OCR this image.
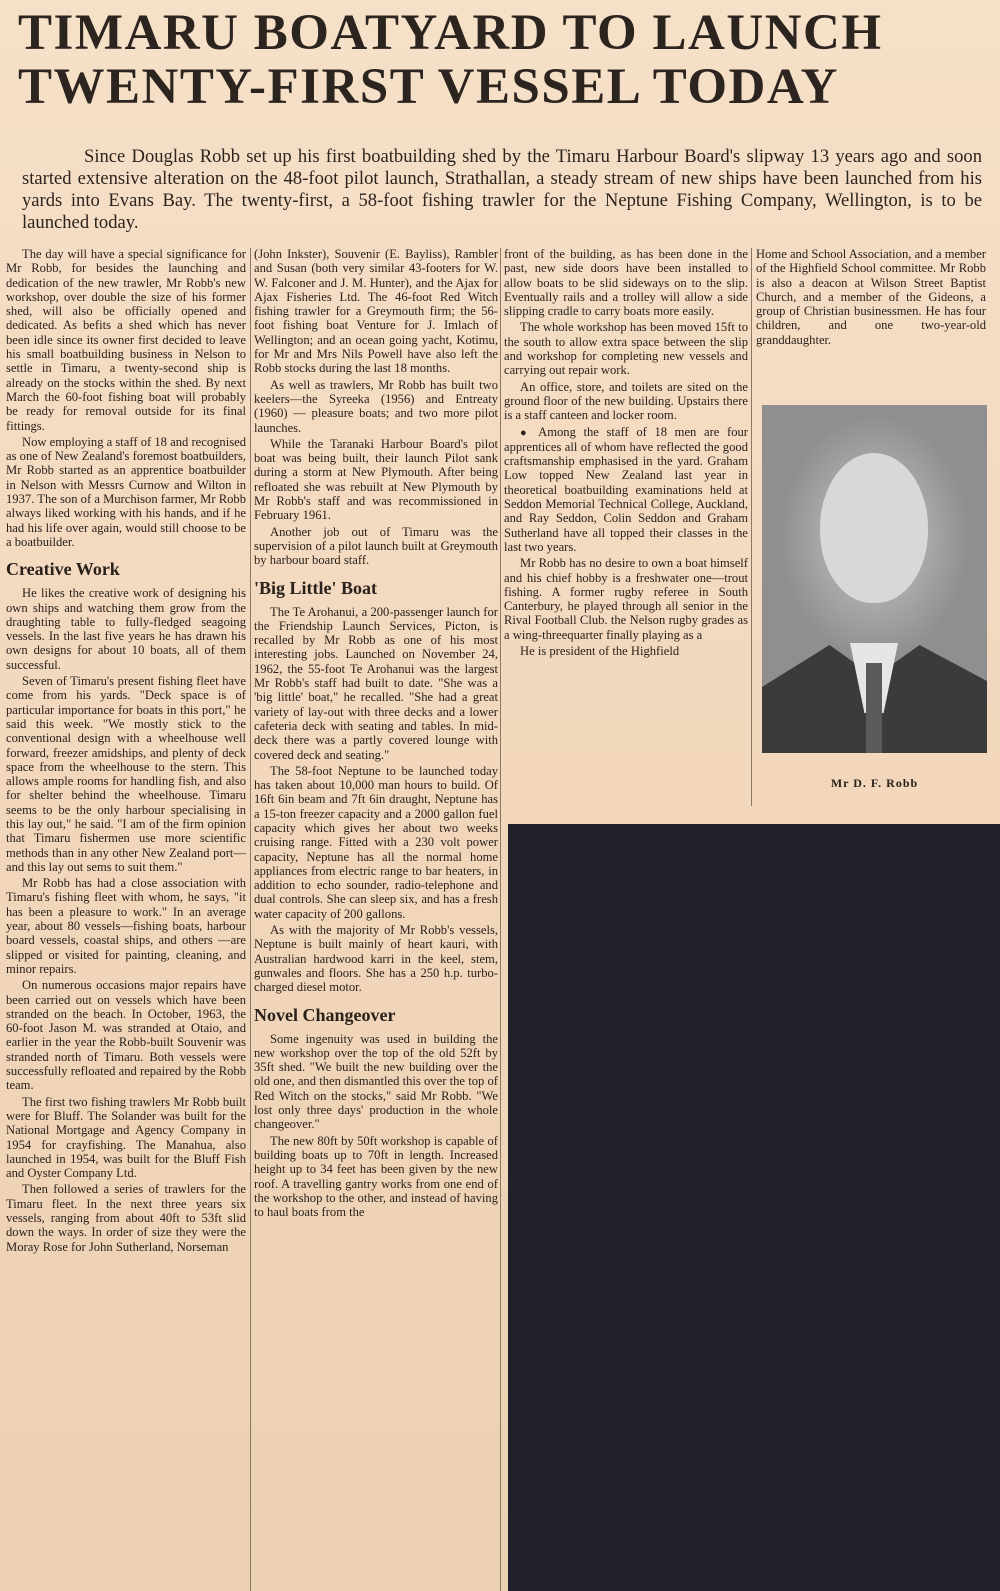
TIMARU BOATYARD TO LAUNCH
TWENTY-FIRST VESSEL TODAY

Since Douglas Robb set up his first boatbuilding shed by the Timaru Harbour Board's slipway 13 years ago and soon started extensive alteration on the 48-foot pilot launch, Strathallan, a steady stream of new ships have been launched from his yards into Evans Bay. The twenty-first, a 58-foot fishing trawler for the Neptune Fishing Company, Wellington, is to be launched today.

The day will have a special significance for Mr Robb, for besides the launching and dedication of the new trawler, Mr Robb's new workshop, over double the size of his former shed, will also be officially opened and dedicated. As befits a shed which has never been idle since its owner first decided to leave his small boatbuilding business in Nelson to settle in Timaru, a twenty-second ship is already on the stocks within the shed. By next March the 60-foot fishing boat will probably be ready for removal outside for its final fittings.

Now employing a staff of 18 and recognised as one of New Zealand's foremost boatbuilders, Mr Robb started as an apprentice boatbuilder in Nelson with Messrs Curnow and Wilton in 1937. The son of a Murchison farmer, Mr Robb always liked working with his hands, and if he had his life over again, would still choose to be a boatbuilder.

Creative Work

He likes the creative work of designing his own ships and watching them grow from the draughting table to fully-fledged seagoing vessels. In the last five years he has drawn his own designs for about 10 boats, all of them successful.

Seven of Timaru's present fishing fleet have come from his yards. "Deck space is of particular importance for boats in this port," he said this week. "We mostly stick to the conventional design with a wheelhouse well forward, freezer amidships, and plenty of deck space from the wheelhouse to the stern. This allows ample rooms for handling fish, and also for shelter behind the wheelhouse. Timaru seems to be the only harbour specialising in this lay out," he said. "I am of the firm opinion that Timaru fishermen use more scientific methods than in any other New Zealand port—and this lay out sems to suit them."

Mr Robb has had a close association with Timaru's fishing fleet with whom, he says, "it has been a pleasure to work." In an average year, about 80 vessels—fishing boats, harbour board vessels, coastal ships, and others —are slipped or visited for painting, cleaning, and minor repairs.

On numerous occasions major repairs have been carried out on vessels which have been stranded on the beach. In October, 1963, the 60-foot Jason M. was stranded at Otaio, and earlier in the year the Robb-built Souvenir was stranded north of Timaru. Both vessels were successfully refloated and repaired by the Robb team.

The first two fishing trawlers Mr Robb built were for Bluff. The Solander was built for the National Mortgage and Agency Company in 1954 for crayfishing. The Manahua, also launched in 1954, was built for the Bluff Fish and Oyster Company Ltd.

Then followed a series of trawlers for the Timaru fleet. In the next three years six vessels, ranging from about 40ft to 53ft slid down the ways. In order of size they were the Moray Rose for John Sutherland, Norseman

(John Inkster), Souvenir (E. Bayliss), Rambler and Susan (both very similar 43-footers for W. W. Falconer and J. M. Hunter), and the Ajax for Ajax Fisheries Ltd. The 46-foot Red Witch fishing trawler for a Greymouth firm; the 56-foot fishing boat Venture for J. Imlach of Wellington; and an ocean going yacht, Kotimu, for Mr and Mrs Nils Powell have also left the Robb stocks during the last 18 months.

As well as trawlers, Mr Robb has built two keelers—the Syreeka (1956) and Entreaty (1960) — pleasure boats; and two more pilot launches.

While the Taranaki Harbour Board's pilot boat was being built, their launch Pilot sank during a storm at New Plymouth. After being refloated she was rebuilt at New Plymouth by Mr Robb's staff and was recommissioned in February 1961.

Another job out of Timaru was the supervision of a pilot launch built at Greymouth by harbour board staff.

'Big Little' Boat

The Te Arohanui, a 200-passenger launch for the Friendship Launch Services, Picton, is recalled by Mr Robb as one of his most interesting jobs. Launched on November 24, 1962, the 55-foot Te Arohanui was the largest Mr Robb's staff had built to date. "She was a 'big little' boat," he recalled. "She had a great variety of lay-out with three decks and a lower cafeteria deck with seating and tables. In mid-deck there was a partly covered lounge with covered deck and seating."

The 58-foot Neptune to be launched today has taken about 10,000 man hours to build. Of 16ft 6in beam and 7ft 6in draught, Neptune has a 15-ton freezer capacity and a 2000 gallon fuel capacity which gives her about two weeks cruising range. Fitted with a 230 volt power capacity, Neptune has all the normal home appliances from electric range to bar heaters, in addition to echo sounder, radio-telephone and dual controls. She can sleep six, and has a fresh water capacity of 200 gallons.

As with the majority of Mr Robb's vessels, Neptune is built mainly of heart kauri, with Australian hardwood karri in the keel, stem, gunwales and floors. She has a 250 h.p. turbo-charged diesel motor.

Novel Changeover

Some ingenuity was used in building the new workshop over the top of the old 52ft by 35ft shed. "We built the new building over the old one, and then dismantled this over the top of Red Witch on the stocks," said Mr Robb. "We lost only three days' production in the whole changeover."

The new 80ft by 50ft workshop is capable of building boats up to 70ft in length. Increased height up to 34 feet has been given by the new roof. A travelling gantry works from one end of the workshop to the other, and instead of having to haul boats from the

front of the building, as has been done in the past, new side doors have been installed to allow boats to be slid sideways on to the slip. Eventually rails and a trolley will allow a side slipping cradle to carry boats more easily.

The whole workshop has been moved 15ft to the south to allow extra space between the slip and workshop for completing new vessels and carrying out repair work.

An office, store, and toilets are sited on the ground floor of the new building. Upstairs there is a staff canteen and locker room.

● Among the staff of 18 men are four apprentices all of whom have reflected the good craftsmanship emphasised in the yard. Graham Low topped New Zealand last year in theoretical boatbuilding examinations held at Seddon Memorial Technical College, Auckland, and Ray Seddon, Colin Seddon and Graham Sutherland have all topped their classes in the last two years.

Mr Robb has no desire to own a boat himself and his chief hobby is a freshwater one—trout fishing. A former rugby referee in South Canterbury, he played through all senior in the Rival Football Club. the Nelson rugby grades as a wing-threequarter finally playing as a

He is president of the Highfield

Home and School Association, and a member of the Highfield School committee. Mr Robb is also a deacon at Wilson Street Baptist Church, and a member of the Gideons, a group of Christian businessmen. He has four children, and one two-year-old granddaughter.

Mr D. F. Robb
